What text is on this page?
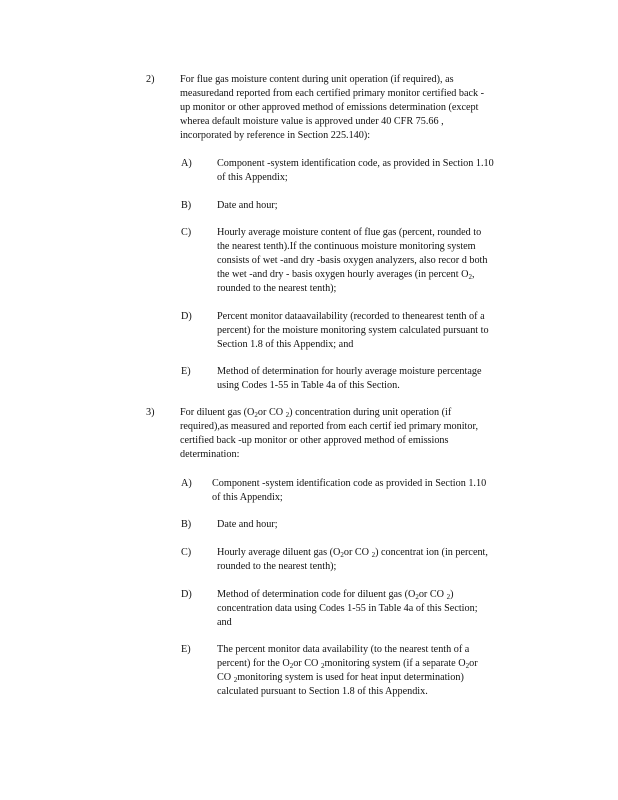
2)	For flue gas moisture content during unit operation (if required), as
measuredand reported from each certified primary monitor certified back -
up monitor or other approved method of emissions determination (except
wherea default moisture value is approved under 40 CFR 75.66 ,
incorporated by reference in Section 225.140):
A) Component -system identification code, as provided in Section 1.10
of this Appendix;
B)	Date and hour;
C)	Hourly average moisture content of flue gas (percent, rounded to
the nearest tenth).If the continuous moisture monitoring system
consists of wet -and dry -basis oxygen analyzers, also recor d both
the wet -and dry - basis oxygen hourly averages (in percent $O_2$,
rounded to the nearest tenth);
D) Percent monitor dataavailability (recorded to thenearest tenth of a
percent) for the moisture monitoring system calculated pursuant to
Section 1.8 of this Appendix; and
E)	Method of determination for hourly average moisture percentage
using Codes 1-55 in Table 4a of this Section.
3)	For diluent gas ($O_2or$ CO $_2$) concentration during unit operation (if
required),as measured and reported from each certif ied primary monitor,
certified back -up monitor or other approved method of emissions
determination:
A) Component -system identification code as provided in Section 1.10
of this Appendix;
B)	Date and hour;
C)	Hourly average diluent gas ($O_2or$ CO $_2$) concentrat ion (in percent,
rounded to the nearest tenth);
D) Method of determination code for diluent gas ($O_2or$ CO $_2$)
concentration data using Codes 1-55 in Table 4a of this Section;
and
E)	The percent monitor data availability (to the nearest tenth of a
percent) for the $O_2or$ CO $_2$monitoring system (if a separate $O_2or$
CO $_2$monitoring system is used for heat input determination)
calculated pursuant to Section 1.8 of this Appendix.
